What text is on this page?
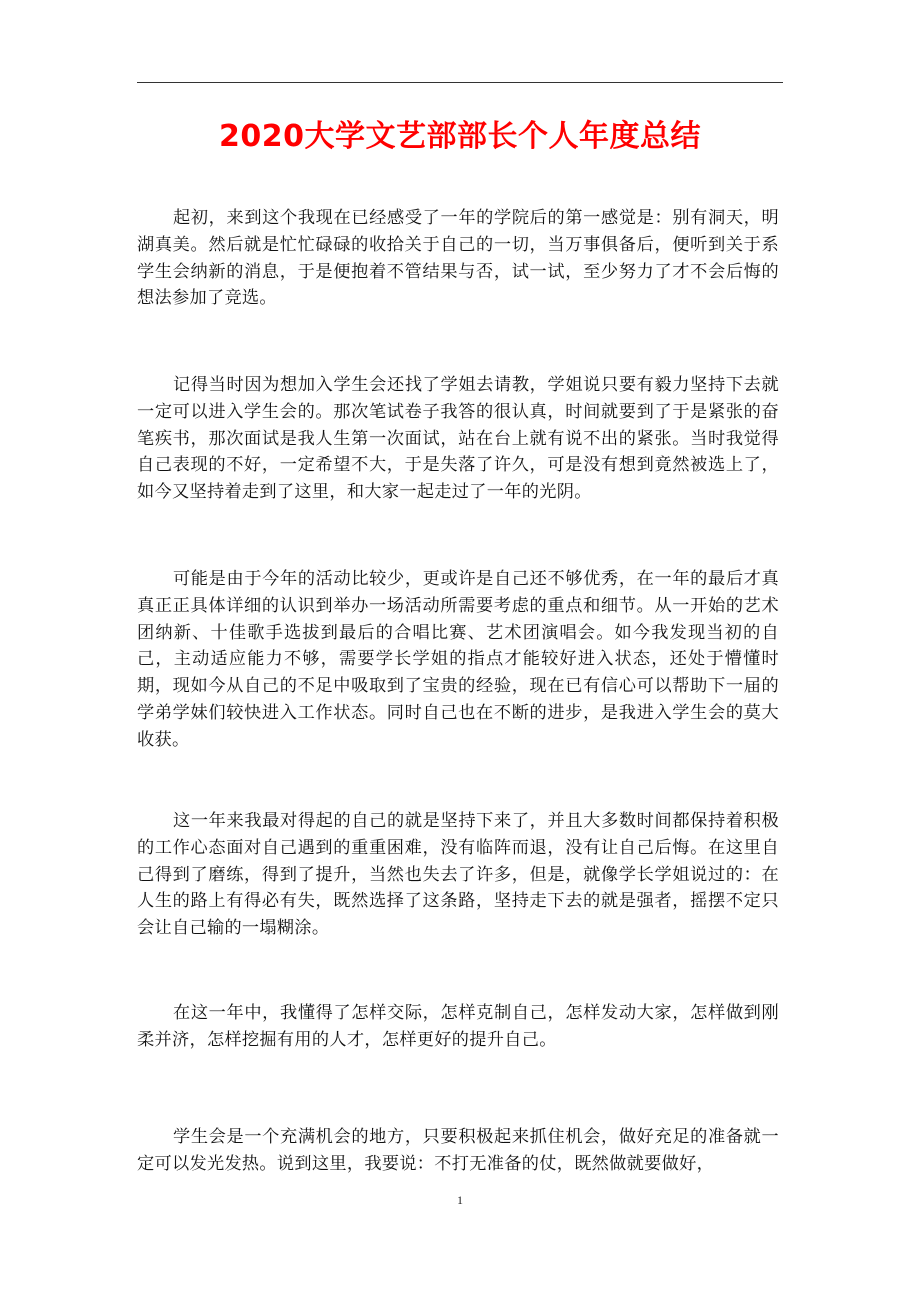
2020大学文艺部部长个人年度总结

起初，来到这个我现在已经感受了一年的学院后的第一感觉是：别有洞天，明湖真美。然后就是忙忙碌碌的收拾关于自己的一切，当万事俱备后，便听到关于系学生会纳新的消息，于是便抱着不管结果与否，试一试，至少努力了才不会后悔的想法参加了竞选。

记得当时因为想加入学生会还找了学姐去请教，学姐说只要有毅力坚持下去就一定可以进入学生会的。那次笔试卷子我答的很认真，时间就要到了于是紧张的奋笔疾书，那次面试是我人生第一次面试，站在台上就有说不出的紧张。当时我觉得自己表现的不好，一定希望不大，于是失落了许久，可是没有想到竟然被选上了，如今又坚持着走到了这里，和大家一起走过了一年的光阴。

可能是由于今年的活动比较少，更或许是自己还不够优秀，在一年的最后才真真正正具体详细的认识到举办一场活动所需要考虑的重点和细节。从一开始的艺术团纳新、十佳歌手选拔到最后的合唱比赛、艺术团演唱会。如今我发现当初的自己，主动适应能力不够，需要学长学姐的指点才能较好进入状态，还处于懵懂时期，现如今从自己的不足中吸取到了宝贵的经验，现在已有信心可以帮助下一届的学弟学妹们较快进入工作状态。同时自己也在不断的进步，是我进入学生会的莫大收获。

这一年来我最对得起的自己的就是坚持下来了，并且大多数时间都保持着积极的工作心态面对自己遇到的重重困难，没有临阵而退，没有让自己后悔。在这里自己得到了磨练，得到了提升，当然也失去了许多，但是，就像学长学姐说过的：在人生的路上有得必有失，既然选择了这条路，坚持走下去的就是强者，摇摆不定只会让自己输的一塌糊涂。

在这一年中，我懂得了怎样交际，怎样克制自己，怎样发动大家，怎样做到刚柔并济，怎样挖掘有用的人才，怎样更好的提升自己。

学生会是一个充满机会的地方，只要积极起来抓住机会，做好充足的准备就一定可以发光发热。说到这里，我要说：不打无准备的仗，既然做就要做好，

1
